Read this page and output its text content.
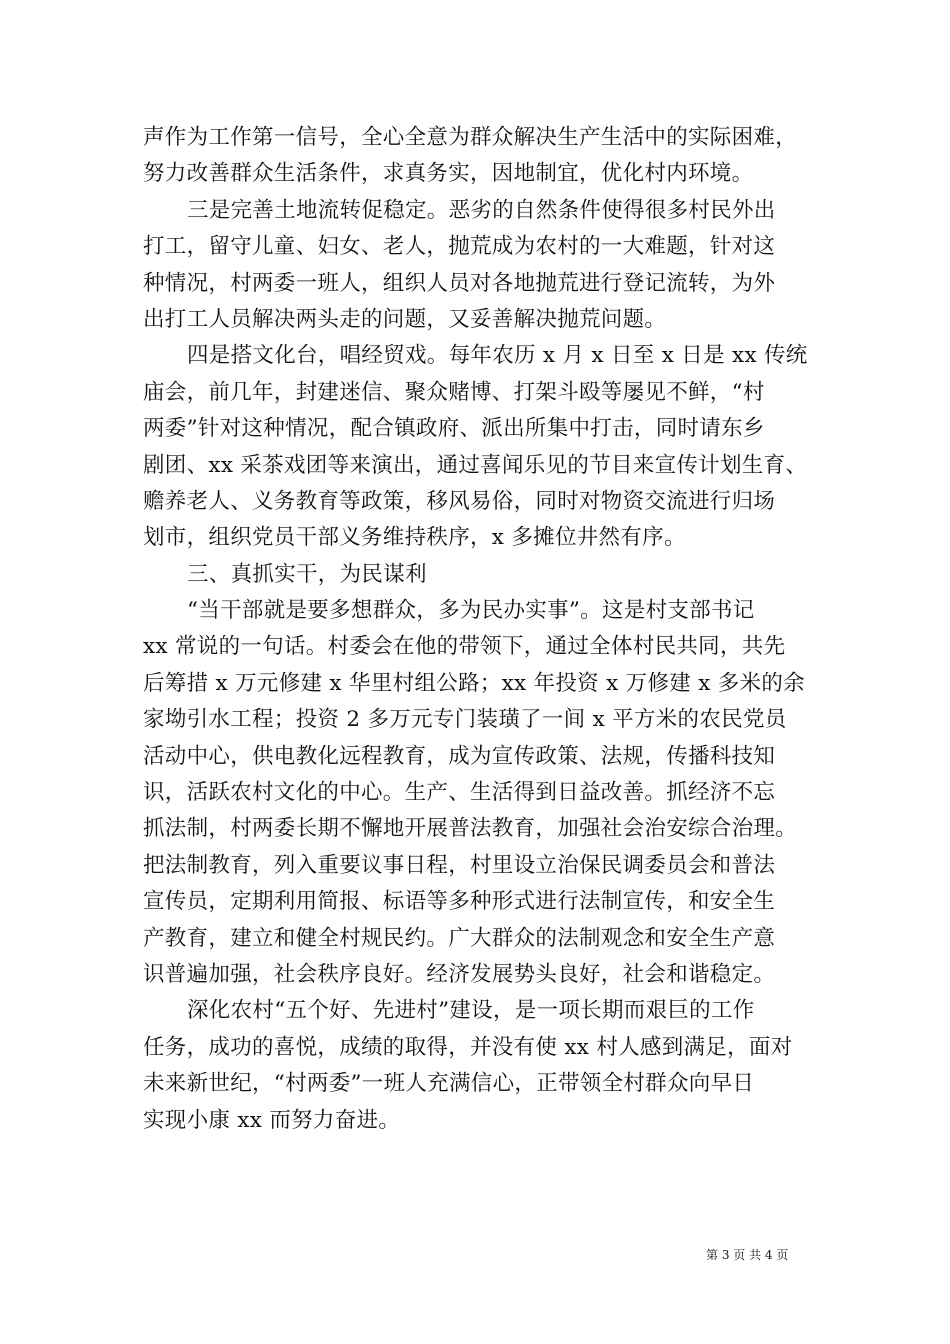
声作为工作第一信号，全心全意为群众解决生产生活中的实际困难，
努力改善群众生活条件，求真务实，因地制宜，优化村内环境。
三是完善土地流转促稳定。恶劣的自然条件使得很多村民外出
打工，留守儿童、妇女、老人，抛荒成为农村的一大难题，针对这
种情况，村两委一班人，组织人员对各地抛荒进行登记流转，为外
出打工人员解决两头走的问题，又妥善解决抛荒问题。
四是搭文化台，唱经贸戏。每年农历 x 月 x 日至 x 日是 xx 传统
庙会，前几年，封建迷信、聚众赌博、打架斗殴等屡见不鲜，“村
两委”针对这种情况，配合镇政府、派出所集中打击，同时请东乡
剧团、xx 采茶戏团等来演出，通过喜闻乐见的节目来宣传计划生育、
赡养老人、义务教育等政策，移风易俗，同时对物资交流进行归场
划市，组织党员干部义务维持秩序，x 多摊位井然有序。
三、真抓实干，为民谋利
“当干部就是要多想群众，多为民办实事”。这是村支部书记
xx 常说的一句话。村委会在他的带领下，通过全体村民共同，共先
后筹措 x 万元修建 x 华里村组公路；xx 年投资 x 万修建 x 多米的余
家坳引水工程；投资 2 多万元专门装璜了一间 x 平方米的农民党员
活动中心，供电教化远程教育，成为宣传政策、法规，传播科技知
识，活跃农村文化的中心。生产、生活得到日益改善。抓经济不忘
抓法制，村两委长期不懈地开展普法教育，加强社会治安综合治理。
把法制教育，列入重要议事日程，村里设立治保民调委员会和普法
宣传员，定期利用简报、标语等多种形式进行法制宣传，和安全生
产教育，建立和健全村规民约。广大群众的法制观念和安全生产意
识普遍加强，社会秩序良好。经济发展势头良好，社会和谐稳定。
深化农村“五个好、先进村”建设，是一项长期而艰巨的工作
任务，成功的喜悦，成绩的取得，并没有使 xx 村人感到满足，面对
未来新世纪，“村两委”一班人充满信心，正带领全村群众向早日
实现小康 xx 而努力奋进。
第 3 页 共 4 页
